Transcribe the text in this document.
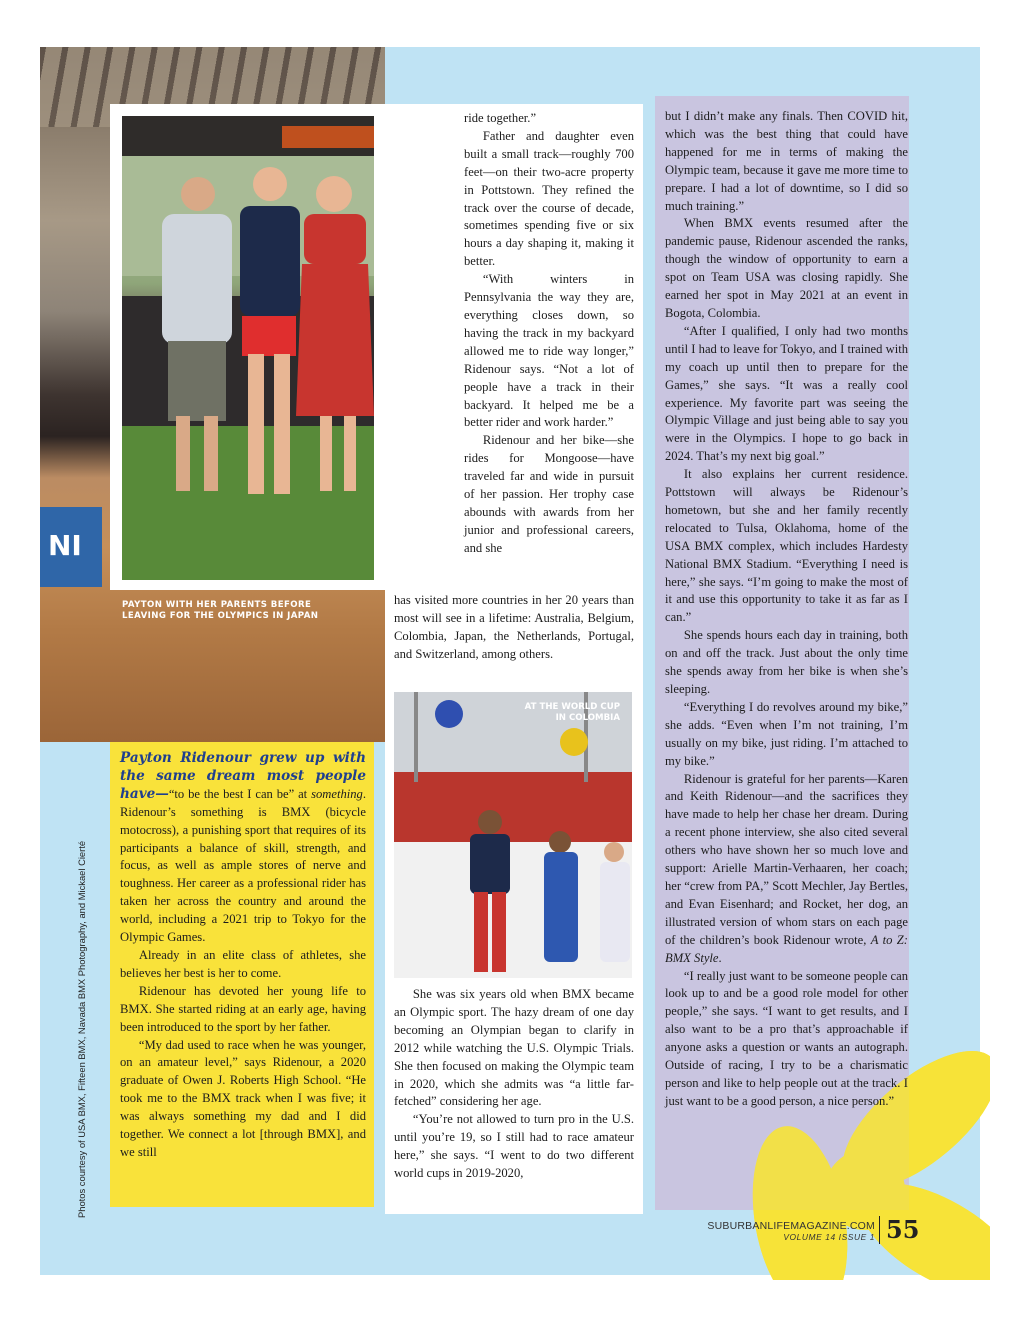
NI
PAYTON WITH HER PARENTS BEFORE LEAVING FOR THE OLYMPICS IN JAPAN

ride together.”

Father and daughter even built a small track—roughly 700 feet—on their two-acre property in Pottstown. They refined the track over the course of decade, sometimes spending five or six hours a day shaping it, making it better.

“With winters in Pennsylvania the way they are, everything closes down, so having the track in my backyard allowed me to ride way longer,” Ridenour says. “Not a lot of people have a track in their backyard. It helped me be a better rider and work harder.”

Ridenour and her bike—she rides for Mongoose—have traveled far and wide in pursuit of her passion. Her trophy case abounds with awards from her junior and professional careers, and she

has visited more countries in her 20 years than most will see in a lifetime: Australia, Belgium, Colombia, Japan, the Netherlands, Portugal, and Switzerland, among others.

AT THE WORLD CUP IN COLOMBIA

She was six years old when BMX became an Olympic sport. The hazy dream of one day becoming an Olympian began to clarify in 2012 while watching the U.S. Olympic Trials. She then focused on making the Olympic team in 2020, which she admits was “a little far-fetched” considering her age.

“You’re not allowed to turn pro in the U.S. until you’re 19, so I still had to race amateur here,” she says. “I went to do two different world cups in 2019-2020,

but I didn’t make any finals. Then COVID hit, which was the best thing that could have happened for me in terms of making the Olympic team, because it gave me more time to prepare. I had a lot of downtime, so I did so much training.”

When BMX events resumed after the pandemic pause, Ridenour ascended the ranks, though the window of opportunity to earn a spot on Team USA was closing rapidly. She earned her spot in May 2021 at an event in Bogota, Colombia.

“After I qualified, I only had two months until I had to leave for Tokyo, and I trained with my coach up until then to prepare for the Games,” she says. “It was a really cool experience. My favorite part was seeing the Olympic Village and just being able to say you were in the Olympics. I hope to go back in 2024. That’s my next big goal.”

It also explains her current residence. Pottstown will always be Ridenour’s hometown, but she and her family recently relocated to Tulsa, Oklahoma, home of the USA BMX complex, which includes Hardesty National BMX Stadium. “Everything I need is here,” she says. “I’m going to make the most of it and use this opportunity to take it as far as I can.”

She spends hours each day in training, both on and off the track. Just about the only time she spends away from her bike is when she’s sleeping.

“Everything I do revolves around my bike,” she adds. “Even when I’m not training, I’m usually on my bike, just riding. I’m attached to my bike.”

Ridenour is grateful for her parents—Karen and Keith Ridenour—and the sacrifices they have made to help her chase her dream. During a recent phone interview, she also cited several others who have shown her so much love and support: Arielle Martin-Verhaaren, her coach; her “crew from PA,” Scott Mechler, Jay Bertles, and Evan Eisenhard; and Rocket, her dog, an illustrated version of whom stars on each page of the children’s book Ridenour wrote, A to Z: BMX Style.

“I really just want to be someone people can look up to and be a good role model for other people,” she says. “I want to get results, and I also want to be a pro that’s approachable if anyone asks a question or wants an autograph. Outside of racing, I try to be a charismatic person and like to help people out at the track. I just want to be a good person, a nice person.”

Payton Ridenour grew up with the same dream most people have—“to be the best I can be” at something. Ridenour’s something is BMX (bicycle motocross), a punishing sport that requires of its participants a balance of skill, strength, and focus, as well as ample stores of nerve and toughness. Her career as a professional rider has taken her across the country and around the world, including a 2021 trip to Tokyo for the Olympic Games.

Already in an elite class of athletes, she believes her best is her to come.

Ridenour has devoted her young life to BMX. She started riding at an early age, having been introduced to the sport by her father.

“My dad used to race when he was younger, on an amateur level,” says Ridenour, a 2020 graduate of Owen J. Roberts High School. “He took me to the BMX track when I was five; it was always something my dad and I did together. We connect a lot [through BMX], and we still

Photos courtesy of USA BMX, Fifteen BMX, Navada BMX Photography, and Mickael Cierté
SUBURBANLIFEMAGAZINE.COM
VOLUME 14 ISSUE 1 55
